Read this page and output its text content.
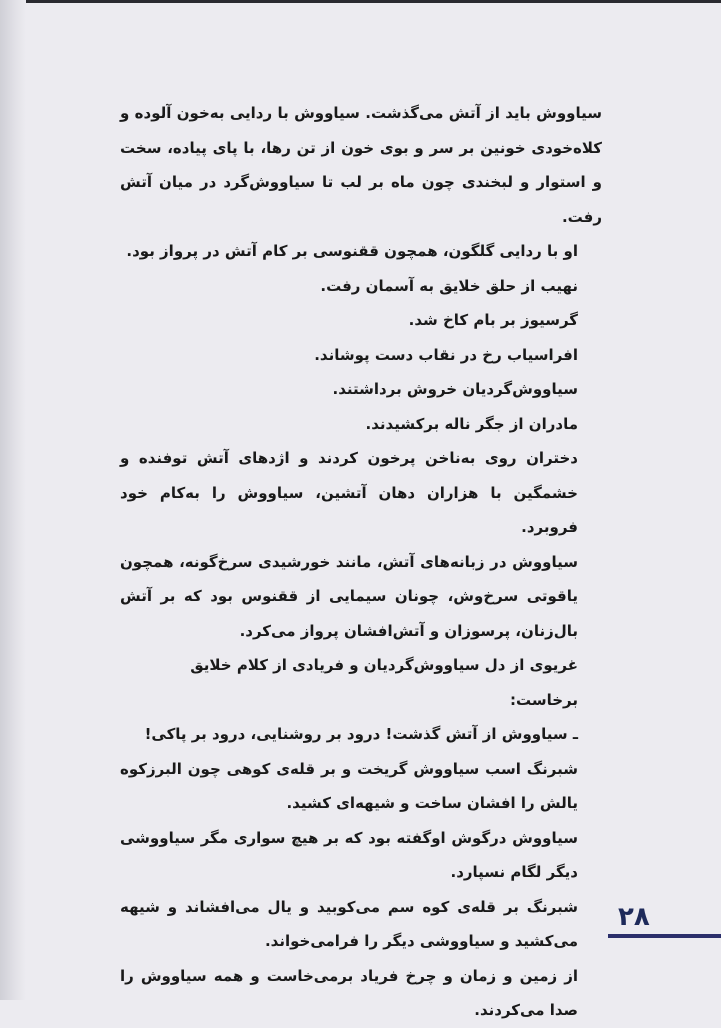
سیاووش باید از آتش می‌گذشت. سیاووش با ردایی به‌خون آلوده و کلاه‌خودی خونین بر سر و بوی خون از تن رها، با پای پیاده، سخت و استوار و لبخندی چون ماه بر لب تا سیاووش‌گرد در میان آتش رفت.

او با ردایی گلگون، همچون ققنوسی بر کام آتش در پرواز بود.

نهیب از حلق خلایق به آسمان رفت.

گرسیوز بر بام کاخ شد.

افراسیاب رخ در نقاب دست پوشاند.

سیاووش‌گردیان خروش برداشتند.

مادران از جگر ناله برکشیدند.

دختران روی به‌ناخن پرخون کردند و اژدهای آتش توفنده و خشمگین با هزاران دهان آتشین، سیاووش را به‌کام خود فروبرد.

سیاووش در زبانه‌های آتش، مانند خورشیدی سرخ‌گونه، همچون یاقوتی سرخ‌وش، چونان سیمایی از ققنوس بود که بر آتش بال‌زنان، پرسوزان و آتش‌افشان پرواز می‌کرد.

غریوی از دل سیاووش‌گردیان و فریادی از کلام خلایق برخاست:

ـ سیاووش از آتش گذشت! درود بر روشنایی، درود بر پاکی!

شبرنگ اسب سیاووش گریخت و بر قله‌ی کوهی چون البرزکوه یالش را افشان ساخت و شیهه‌ای کشید.

سیاووش درگوش اوگفته بود که بر هیچ سواری مگر سیاووشی دیگر لگام نسپارد.

شبرنگ بر قله‌ی کوه سم می‌کوبید و یال می‌افشاند و شیهه می‌کشید و سیاووشی دیگر را فرامی‌خواند.

از زمین و زمان و چرخ فریاد برمی‌خاست و همه سیاووش را صدا می‌کردند.

۲۸
